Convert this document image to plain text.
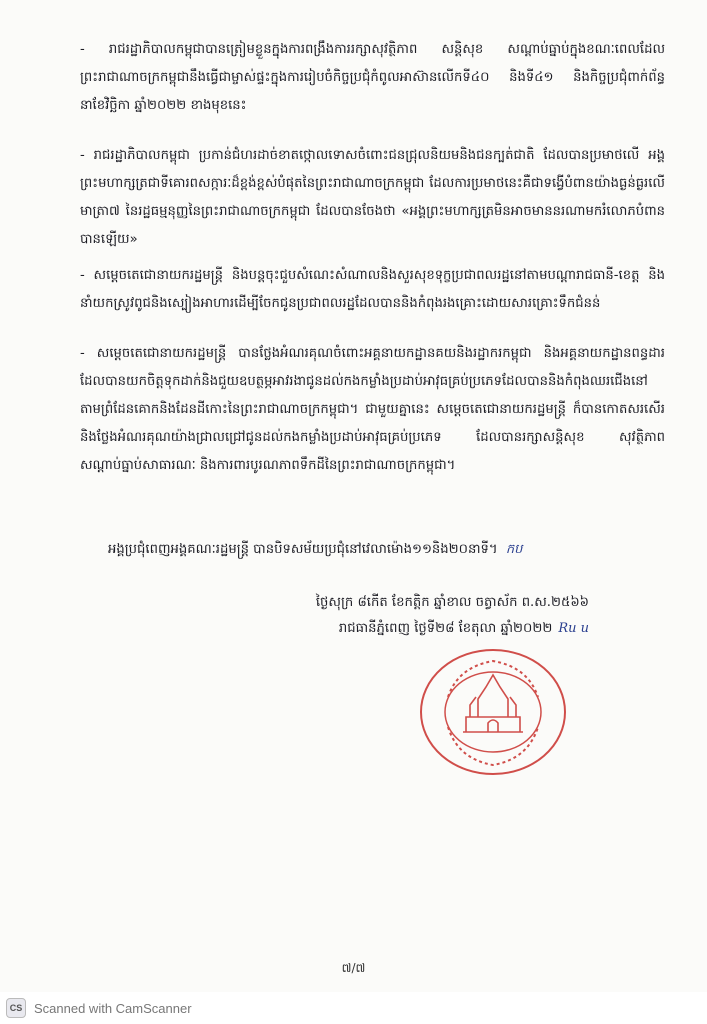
- រាជរដ្ឋាភិបាលកម្ពុជាបានត្រៀមខ្លួនក្នុងការពង្រឹងការរក្សាសុវត្ថិភាព សន្តិសុខ សណ្តាប់ធ្នាប់ក្នុងខណៈពេលដែលព្រះរាជាណាចក្រកម្ពុជានឹងធ្វើជាម្ចាស់ផ្ទះក្នុងការរៀបចំកិច្ចប្រជុំកំពូលអាស៊ានលើកទី៤០ និងទី៤១ និងកិច្ចប្រជុំពាក់ព័ន្ធ នាខែវិច្ឆិកា ឆ្នាំ២០២២ ខាងមុខនេះ
- រាជរដ្ឋាភិបាលកម្ពុជា ប្រកាន់ជំហរដាច់ខាតថ្កោលទោសចំពោះជនជ្រុលនិយមនិងជនក្បត់ជាតិ ដែលបានប្រមាថលើ អង្គព្រះមហាក្សត្រជាទីគោរពសក្ការៈដ៏ខ្ពង់ខ្ពស់បំផុតនៃព្រះរាជាណាចក្រកម្ពុជា ដែលការប្រមាថនេះគឺជាទង្វើបំពានយ៉ាងធ្ងន់ធ្ងរលើមាត្រា៧ នៃរដ្ឋធម្មនុញ្ញនៃព្រះរាជាណាចក្រកម្ពុជា ដែលបានចែងថា «អង្គព្រះមហាក្សត្រមិនអាចមាននរណាមករំលោភបំពានបានឡើយ»
- សម្តេចតេជោនាយករដ្ឋមន្ត្រី និងបន្តចុះជួបសំណេះសំណាលនិងសួរសុខទុក្ខប្រជាពលរដ្ឋនៅតាមបណ្តារាជធានី-ខេត្ត និងនាំយកស្រូវពូជនិងស្បៀងអាហារដើម្បីចែកជូនប្រជាពលរដ្ឋដែលបាននិងកំពុងរងគ្រោះដោយសារគ្រោះទឹកជំនន់
- សម្តេចតេជោនាយករដ្ឋមន្ត្រី បានថ្លែងអំណរគុណចំពោះអគ្គនាយកដ្ឋានគយនិងរដ្ឋាករកម្ពុជា និងអគ្គនាយកដ្ឋានពន្ធដារ ដែលបានយកចិត្តទុកដាក់និងជួយឧបត្ថម្ភអាវរងាជូនដល់កងកម្លាំងប្រដាប់អាវុធគ្រប់ប្រភេទដែលបាននិងកំពុងឈរជើងនៅតាមព្រំដែនគោកនិងដែនដីកោះនៃព្រះរាជាណាចក្រកម្ពុជា។ ជាមួយគ្នានេះ សម្តេចតេជោនាយករដ្ឋមន្ត្រី ក៏បានកោតសរសើរនិងថ្លែងអំណរគុណយ៉ាងជ្រាលជ្រៅជូនដល់កងកម្លាំងប្រដាប់អាវុធគ្រប់ប្រភេទ ដែលបានរក្សាសន្តិសុខ សុវត្ថិភាព សណ្តាប់ធ្នាប់សាធារណៈ និងការពារបូរណភាពទឹកដីនៃព្រះរាជាណាចក្រកម្ពុជា។
អង្គប្រជុំពេញអង្គគណៈរដ្ឋមន្ត្រី បានបិទសម័យប្រជុំនៅវេលាម៉ោង១១និង២០នាទី។ កប
ថ្ងៃសុក្រ ៨កើត ខែកត្តិក ឆ្នាំខាល ចត្វាស័ក ព.ស.២៥៦៦
រាជធានីភ្នំពេញ ថ្ងៃទី២៨ ខែតុលា ឆ្នាំ២០២២ Ru u
៧/៧
CS Scanned with CamScanner
